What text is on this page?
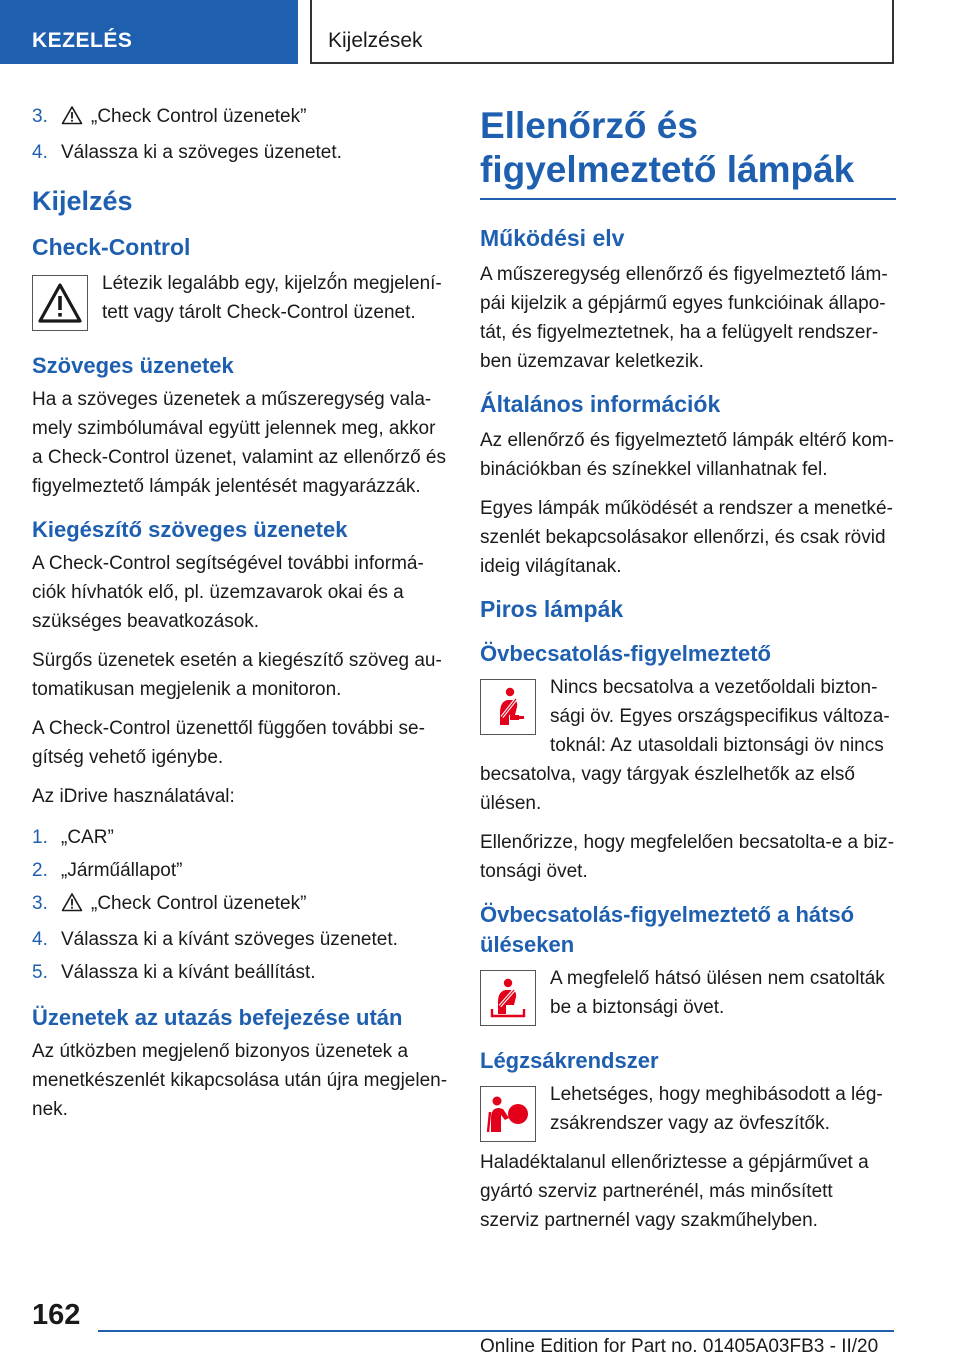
KEZELÉS	Kijelzések
3. „Check Control üzenetek”
4. Válassza ki a szöveges üzenetet.
Kijelzés
Check-Control

Létezik legalább egy, kijelző́n megjelenített vagy tárolt Check-Control üzenet.

Szöveges üzenetek

Ha a szöveges üzenetek a műszeregység valamely szimbólumával együtt jelennek meg, akkor a Check-Control üzenet, valamint az ellenőrző és figyelmeztető lámpák jelentését magyarázzák.

Kiegészítő szöveges üzenetek

A Check-Control segítségével további információk hívhatók elő, pl. üzemzavarok okai és a szükséges beavatkozások.

Sürgős üzenetek esetén a kiegészítő szöveg automatikusan megjelenik a monitoron.

A Check-Control üzenettől függően további segítség vehető igénybe.

Az iDrive használatával:

1. „CAR”
2. „Járműállapot”
3. „Check Control üzenetek”
4. Válassza ki a kívánt szöveges üzenetet.
5. Válassza ki a kívánt beállítást.
Üzenetek az utazás befejezése után

Az útközben megjelenő bizonyos üzenetek a menetkészenlét kikapcsolása után újra megjelennek.

Ellenőrző és figyelmeztető lámpák
Működési elv

A műszeregység ellenőrző és figyelmeztető lámpái kijelzik a gépjármű egyes funkcióinak állapotát, és figyelmeztetnek, ha a felügyelt rendszerben üzemzavar keletkezik.

Általános információk

Az ellenőrző és figyelmeztető lámpák eltérő kombinációkban és színekkel villanhatnak fel.

Egyes lámpák működését a rendszer a menetkészenlét bekapcsolásakor ellenőrzi, és csak rövid ideig világítanak.

Piros lámpák
Övbecsatolás-figyelmeztető

Nincs becsatolva a vezetőoldali biztonsági öv. Egyes országspecifikus változatoknál: Az utasoldali biztonsági öv nincs becsatolva, vagy tárgyak észlelhetők az első ülésen.

Ellenőrizze, hogy megfelelően becsatolta-e a biztonsági övet.

Övbecsatolás-figyelmeztető a hátsó üléseken

A megfelelő hátsó ülésen nem csatolták be a biztonsági övet.

Légzsákrendszer

Lehetséges, hogy meghibásodott a légzsákrendszer vagy az övfeszítők.

Haladéktalanul ellenőriztesse a gépjárművet a gyártó szerviz partnerénél, más minősített szerviz partnernél vagy szakműhelyben.

162
Online Edition for Part no. 01405A03FB3 - II/20
